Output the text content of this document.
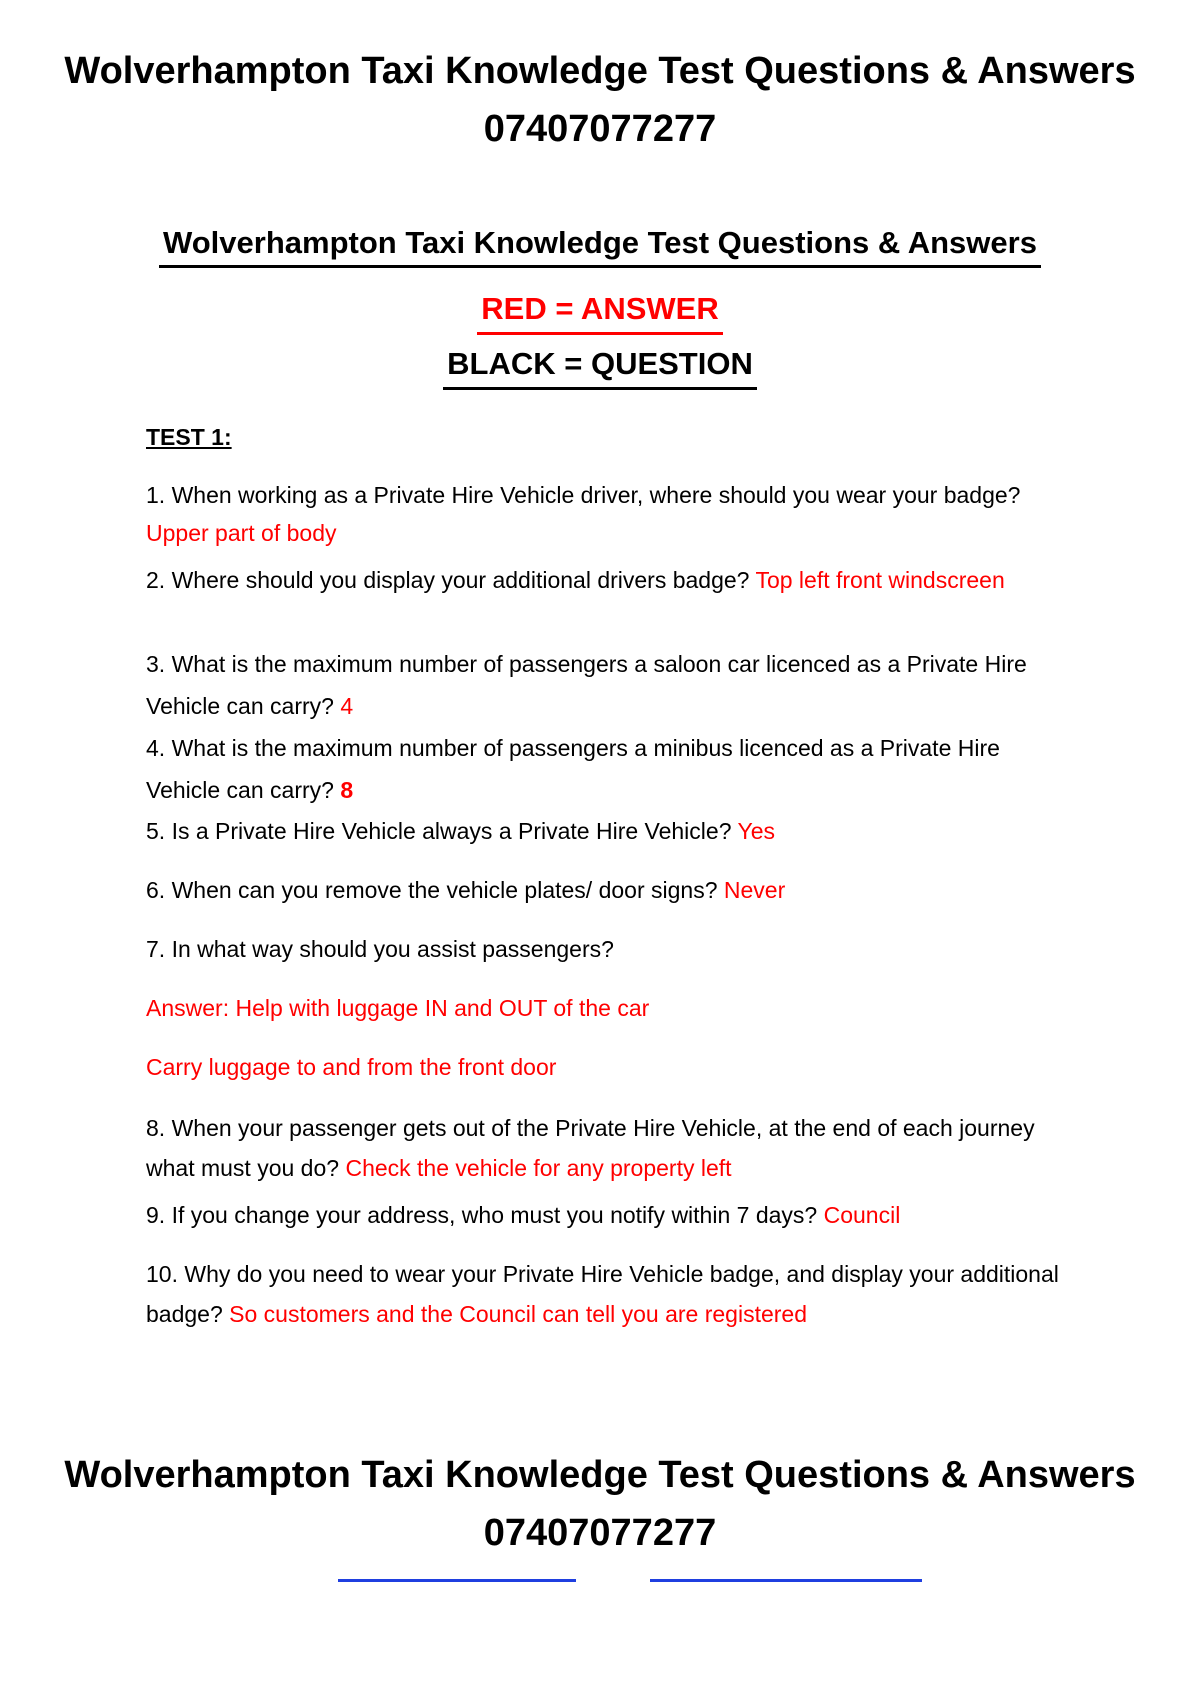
Wolverhampton Taxi Knowledge Test Questions & Answers
07407077277
Wolverhampton Taxi Knowledge Test Questions & Answers
RED = ANSWER
BLACK = QUESTION
TEST 1:
1. When working as a Private Hire Vehicle driver, where should you wear your badge? Upper part of body
2. Where should you display your additional drivers badge? Top left front windscreen
3. What is the maximum number of passengers a saloon car licenced as a Private Hire Vehicle can carry? 4
4. What is the maximum number of passengers a minibus licenced as a Private Hire Vehicle can carry? 8
5. Is a Private Hire Vehicle always a Private Hire Vehicle? Yes
6. When can you remove the vehicle plates/ door signs? Never
7. In what way should you assist passengers?
Answer: Help with luggage IN and OUT of the car
Carry luggage to and from the front door
8. When your passenger gets out of the Private Hire Vehicle, at the end of each journey what must you do? Check the vehicle for any property left
9. If you change your address, who must you notify within 7 days? Council
10. Why do you need to wear your Private Hire Vehicle badge, and display your additional badge? So customers and the Council can tell you are registered
Wolverhampton Taxi Knowledge Test Questions & Answers
07407077277
